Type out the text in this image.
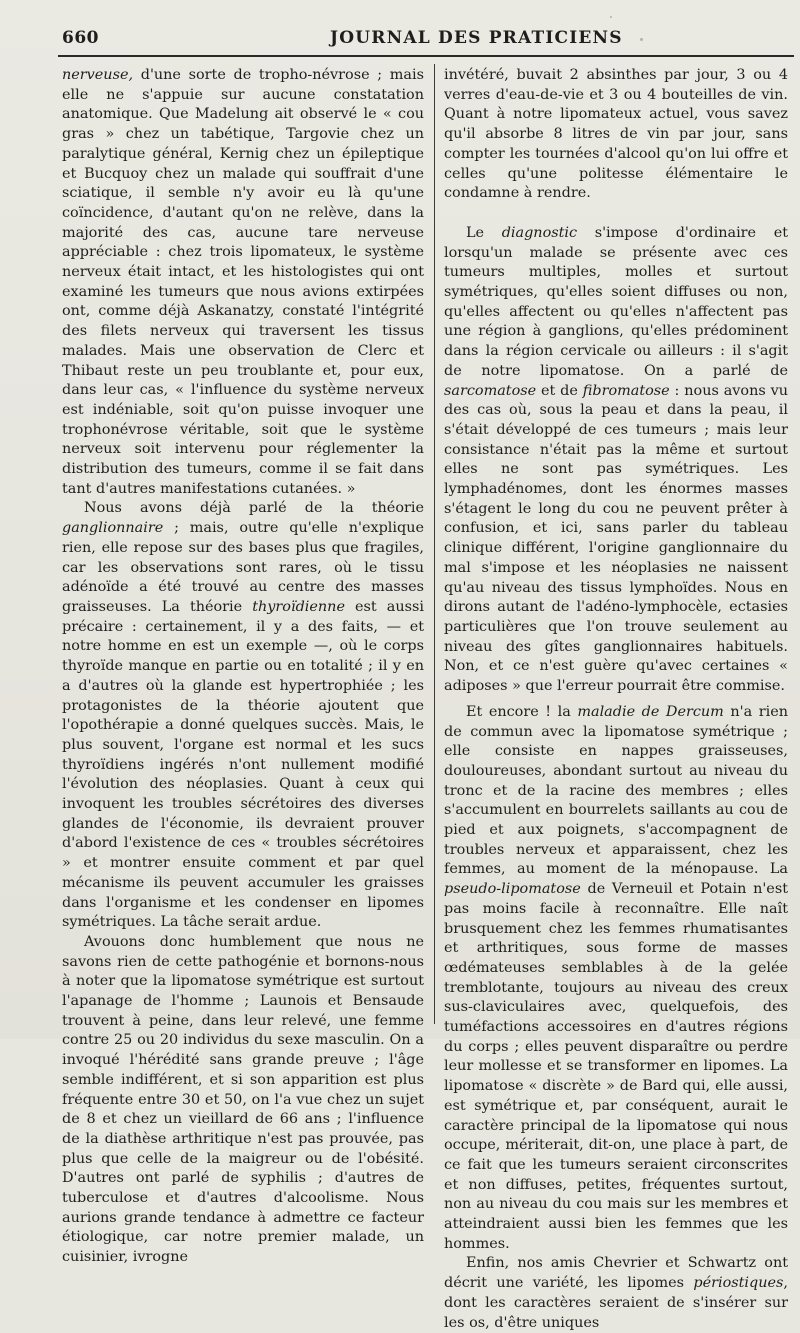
660	JOURNAL DES PRATICIENS

nerveuse, d'une sorte de tropho-névrose ; mais elle ne s'appuie sur aucune constatation anatomique. Que Madelung ait observé le « cou gras » chez un tabétique, Targovie chez un paralytique général, Kernig chez un épileptique et Bucquoy chez un malade qui souffrait d'une sciatique, il semble n'y avoir eu là qu'une coïncidence, d'autant qu'on ne relève, dans la majorité des cas, aucune tare nerveuse appréciable : chez trois lipomateux, le système nerveux était intact, et les histologistes qui ont examiné les tumeurs que nous avions extirpées ont, comme déjà Askanatzy, constaté l'intégrité des filets nerveux qui traversent les tissus malades. Mais une observation de Clerc et Thibaut reste un peu troublante et, pour eux, dans leur cas, « l'influence du système nerveux est indéniable, soit qu'on puisse invoquer une trophonévrose véritable, soit que le système nerveux soit intervenu pour réglementer la distribution des tumeurs, comme il se fait dans tant d'autres manifestations cutanées. »

Nous avons déjà parlé de la théorie ganglionnaire ; mais, outre qu'elle n'explique rien, elle repose sur des bases plus que fragiles, car les observations sont rares, où le tissu adénoïde a été trouvé au centre des masses graisseuses. La théorie thyroïdienne est aussi précaire : certainement, il y a des faits, — et notre homme en est un exemple —, où le corps thyroïde manque en partie ou en totalité ; il y en a d'autres où la glande est hypertrophiée ; les protagonistes de la théorie ajoutent que l'opothérapie a donné quelques succès. Mais, le plus souvent, l'organe est normal et les sucs thyroïdiens ingérés n'ont nullement modifié l'évolution des néoplasies. Quant à ceux qui invoquent les troubles sécrétoires des diverses glandes de l'économie, ils devraient prouver d'abord l'existence de ces « troubles sécrétoires » et montrer ensuite comment et par quel mécanisme ils peuvent accumuler les graisses dans l'organisme et les condenser en lipomes symétriques. La tâche serait ardue.

Avouons donc humblement que nous ne savons rien de cette pathogénie et bornons-nous à noter que la lipomatose symétrique est surtout l'apanage de l'homme ; Launois et Bensaude trouvent à peine, dans leur relevé, une femme contre 25 ou 20 individus du sexe masculin. On a invoqué l'hérédité sans grande preuve ; l'âge semble indifférent, et si son apparition est plus fréquente entre 30 et 50, on l'a vue chez un sujet de 8 et chez un vieillard de 66 ans ; l'influence de la diathèse arthritique n'est pas prouvée, pas plus que celle de la maigreur ou de l'obésité. D'autres ont parlé de syphilis ; d'autres de tuberculose et d'autres d'alcoolisme. Nous aurions grande tendance à admettre ce facteur étiologique, car notre premier malade, un cuisinier, ivrogne

invétéré, buvait 2 absinthes par jour, 3 ou 4 verres d'eau-de-vie et 3 ou 4 bouteilles de vin. Quant à notre lipomateux actuel, vous savez qu'il absorbe 8 litres de vin par jour, sans compter les tournées d'alcool qu'on lui offre et celles qu'une politesse élémentaire le condamne à rendre.

Le diagnostic s'impose d'ordinaire et lorsqu'un malade se présente avec ces tumeurs multiples, molles et surtout symétriques, qu'elles soient diffuses ou non, qu'elles affectent ou qu'elles n'affectent pas une région à ganglions, qu'elles prédominent dans la région cervicale ou ailleurs : il s'agit de notre lipomatose. On a parlé de sarcomatose et de fibromatose : nous avons vu des cas où, sous la peau et dans la peau, il s'était développé de ces tumeurs ; mais leur consistance n'était pas la même et surtout elles ne sont pas symétriques. Les lymphadénomes, dont les énormes masses s'étagent le long du cou ne peuvent prêter à confusion, et ici, sans parler du tableau clinique différent, l'origine ganglionnaire du mal s'impose et les néoplasies ne naissent qu'au niveau des tissus lymphoïdes. Nous en dirons autant de l'adéno-lymphocèle, ectasies particulières que l'on trouve seulement au niveau des gîtes ganglionnaires habituels. Non, et ce n'est guère qu'avec certaines « adiposes » que l'erreur pourrait être commise.

Et encore ! la maladie de Dercum n'a rien de commun avec la lipomatose symétrique ; elle consiste en nappes graisseuses, douloureuses, abondant surtout au niveau du tronc et de la racine des membres ; elles s'accumulent en bourrelets saillants au cou de pied et aux poignets, s'accompagnent de troubles nerveux et apparaissent, chez les femmes, au moment de la ménopause. La pseudo-lipomatose de Verneuil et Potain n'est pas moins facile à reconnaître. Elle naît brusquement chez les femmes rhumatisantes et arthritiques, sous forme de masses œdémateuses semblables à de la gelée tremblotante, toujours au niveau des creux sus-claviculaires avec, quelquefois, des tuméfactions accessoires en d'autres régions du corps ; elles peuvent disparaître ou perdre leur mollesse et se transformer en lipomes. La lipomatose « discrète » de Bard qui, elle aussi, est symétrique et, par conséquent, aurait le caractère principal de la lipomatose qui nous occupe, mériterait, dit-on, une place à part, de ce fait que les tumeurs seraient circonscrites et non diffuses, petites, fréquentes surtout, non au niveau du cou mais sur les membres et atteindraient aussi bien les femmes que les hommes.

Enfin, nos amis Chevrier et Schwartz ont décrit une variété, les lipomes périostiques, dont les caractères seraient de s'insérer sur les os, d'être uniques
